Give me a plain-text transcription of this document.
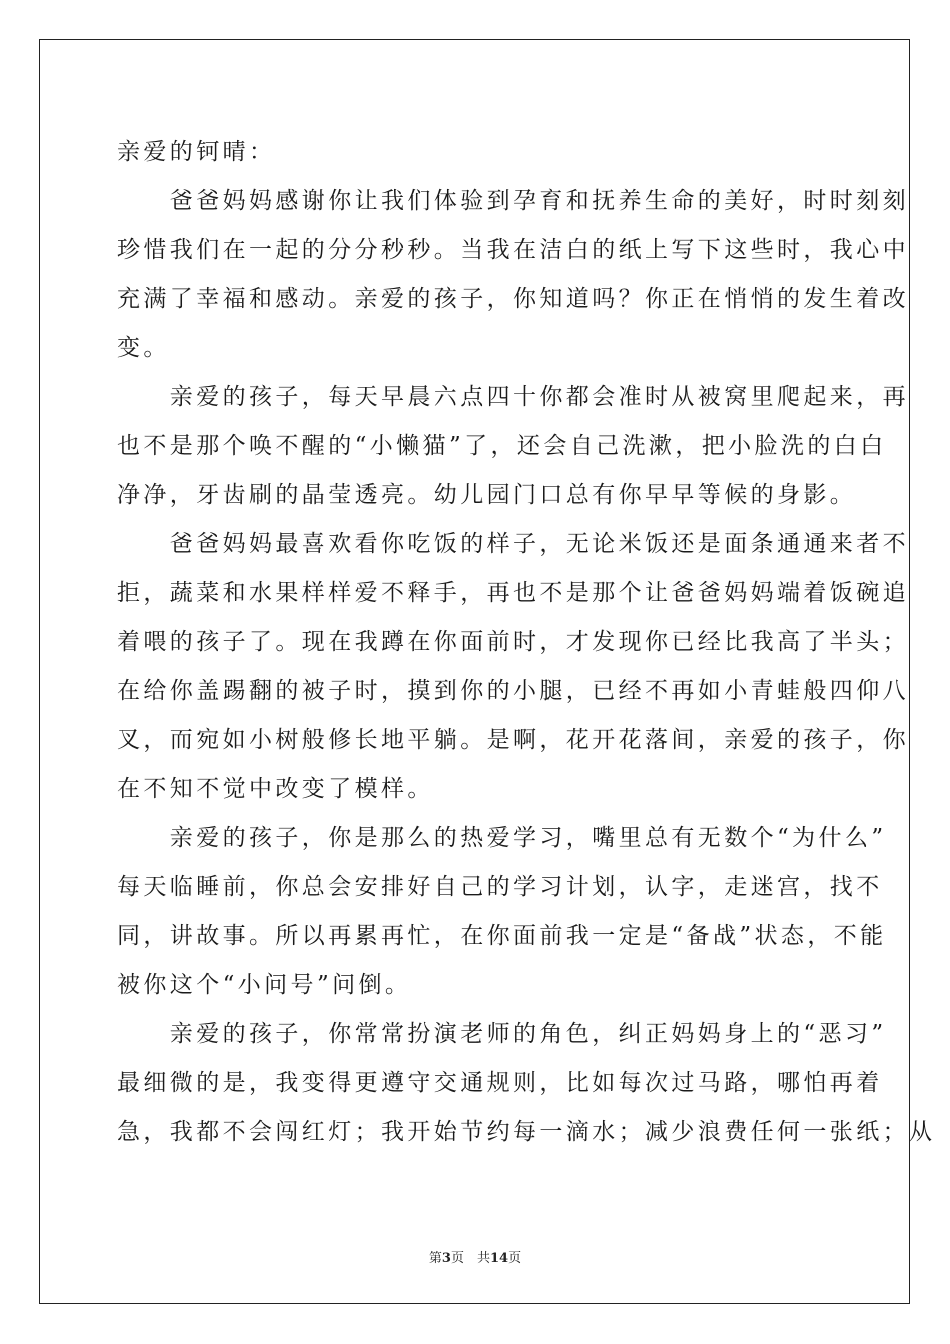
亲爱的钶晴：

　　爸爸妈妈感谢你让我们体验到孕育和抚养生命的美好，时时刻刻

珍惜我们在一起的分分秒秒。当我在洁白的纸上写下这些时，我心中

充满了幸福和感动。亲爱的孩子，你知道吗？你正在悄悄的发生着改

变。

　　亲爱的孩子，每天早晨六点四十你都会准时从被窝里爬起来，再

也不是那个唤不醒的“小懒猫”了，还会自己洗漱，把小脸洗的白白

净净，牙齿刷的晶莹透亮。幼儿园门口总有你早早等候的身影。

　　爸爸妈妈最喜欢看你吃饭的样子，无论米饭还是面条通通来者不

拒，蔬菜和水果样样爱不释手，再也不是那个让爸爸妈妈端着饭碗追

着喂的孩子了。现在我蹲在你面前时，才发现你已经比我高了半头；

在给你盖踢翻的被子时，摸到你的小腿，已经不再如小青蛙般四仰八

叉，而宛如小树般修长地平躺。是啊，花开花落间，亲爱的孩子，你

在不知不觉中改变了模样。

　　亲爱的孩子，你是那么的热爱学习，嘴里总有无数个“为什么”

每天临睡前，你总会安排好自己的学习计划，认字，走迷宫，找不

同，讲故事。所以再累再忙，在你面前我一定是“备战”状态，不能

被你这个“小问号”问倒。

　　亲爱的孩子，你常常扮演老师的角色，纠正妈妈身上的“恶习”

最细微的是，我变得更遵守交通规则，比如每次过马路，哪怕再着

急，我都不会闯红灯；我开始节约每一滴水；减少浪费任何一张纸；从

第3页　共14页
